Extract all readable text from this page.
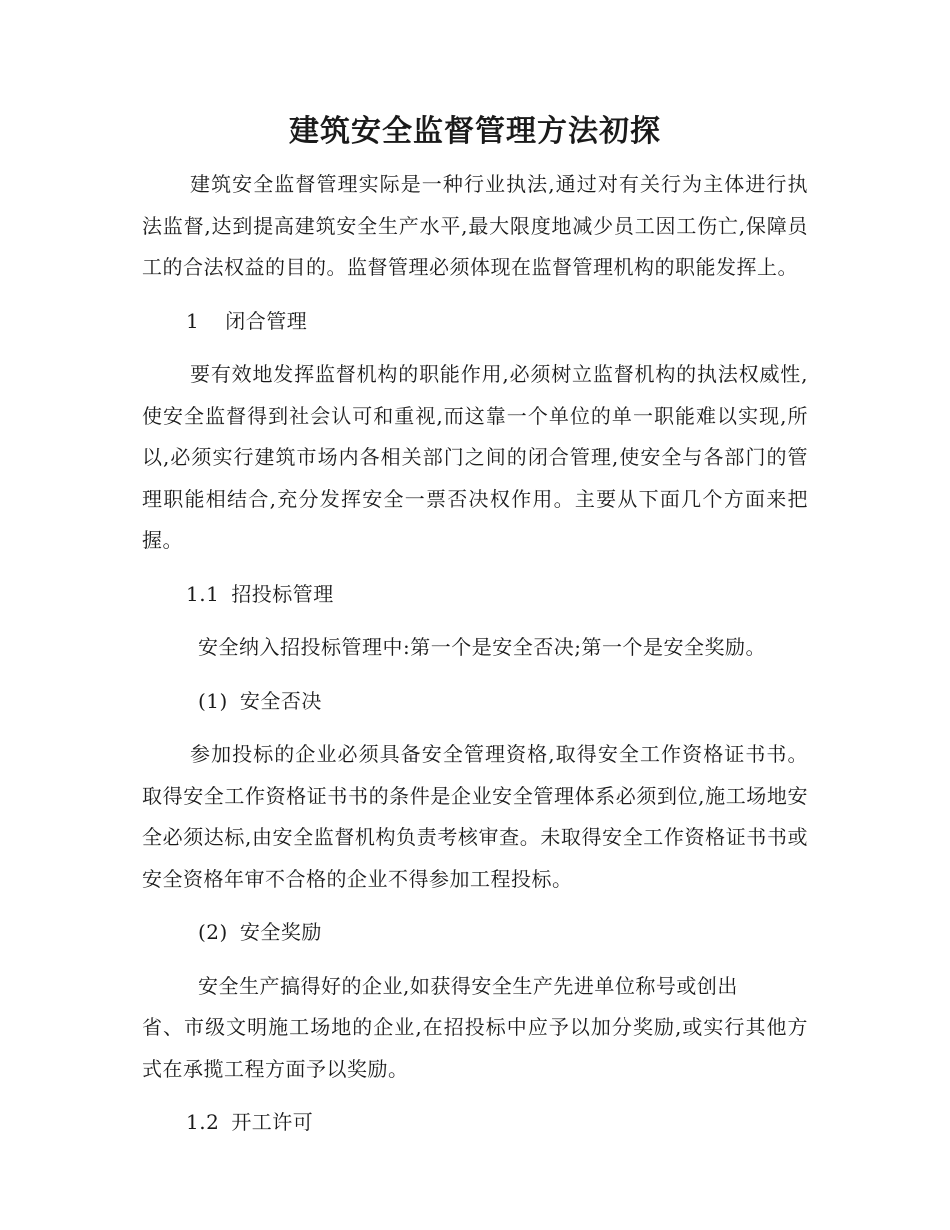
建筑安全监督管理方法初探

建筑安全监督管理实际是一种行业执法,通过对有关行为主体进行执法监督,达到提高建筑安全生产水平,最大限度地减少员工因工伤亡,保障员工的合法权益的目的。监督管理必须体现在监督管理机构的职能发挥上。

1 闭合管理

要有效地发挥监督机构的职能作用,必须树立监督机构的执法权威性,使安全监督得到社会认可和重视,而这靠一个单位的单一职能难以实现,所以,必须实行建筑市场内各相关部门之间的闭合管理,使安全与各部门的管理职能相结合,充分发挥安全一票否决权作用。主要从下面几个方面来把握。

1.1 招投标管理

安全纳入招投标管理中:第一个是安全否决;第一个是安全奖励。

(1) 安全否决

参加投标的企业必须具备安全管理资格,取得安全工作资格证书书。取得安全工作资格证书书的条件是企业安全管理体系必须到位,施工场地安全必须达标,由安全监督机构负责考核审查。未取得安全工作资格证书书或安全资格年审不合格的企业不得参加工程投标。

(2) 安全奖励

安全生产搞得好的企业,如获得安全生产先进单位称号或创出

省、市级文明施工场地的企业,在招投标中应予以加分奖励,或实行其他方式在承揽工程方面予以奖励。

1.2 开工许可
